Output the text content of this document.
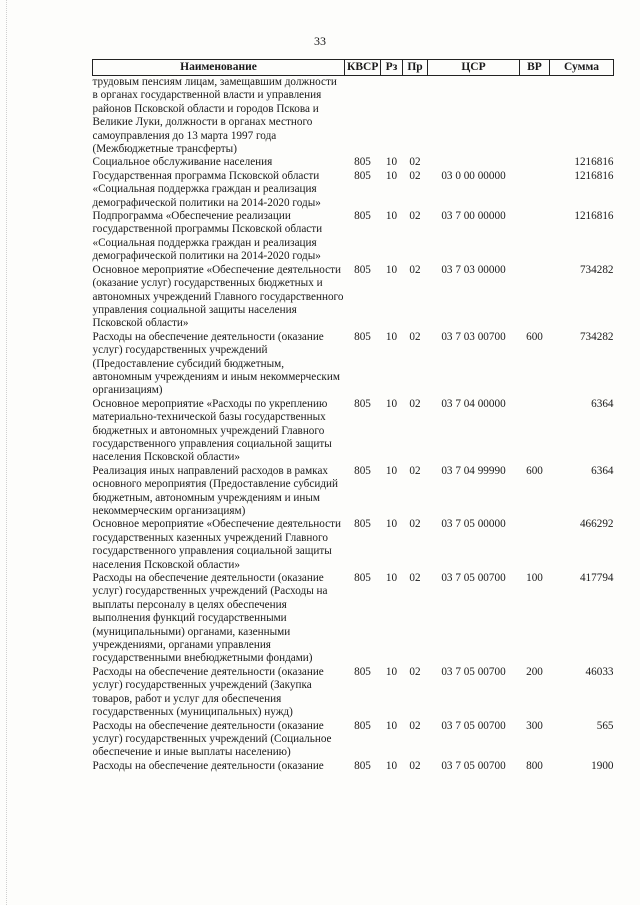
33
Наименование	КВСР	Рз	Пр	ЦСР	ВР	Сумма
трудовым пенсиям лицам, замещавшим должности в органах государственной власти и управления районов Псковской области и городов Пскова и Великие Луки, должности в органах местного самоуправления до 13 марта 1997 года (Межбюджетные трансферты)						
Социальное обслуживание населения	805	10	02			1216816
Государственная программа Псковской области «Социальная поддержка граждан и реализация демографической политики на 2014-2020 годы»	805	10	02	03 0 00 00000		1216816
Подпрограмма «Обеспечение реализации государственной программы Псковской области «Социальная поддержка граждан и реализация демографической политики на 2014-2020 годы»	805	10	02	03 7 00 00000		1216816
Основное мероприятие «Обеспечение деятельности (оказание услуг) государственных бюджетных и автономных учреждений Главного государственного управления социальной защиты населения Псковской области»	805	10	02	03 7 03 00000		734282
Расходы на обеспечение деятельности (оказание услуг) государственных учреждений (Предоставление субсидий бюджетным, автономным учреждениям и иным некоммерческим организациям)	805	10	02	03 7 03 00700	600	734282
Основное мероприятие «Расходы по укреплению материально-технической базы государственных бюджетных и автономных учреждений Главного государственного управления социальной защиты населения Псковской области»	805	10	02	03 7 04 00000		6364
Реализация иных направлений расходов в рамках основного мероприятия (Предоставление субсидий бюджетным, автономным учреждениям и иным некоммерческим организациям)	805	10	02	03 7 04 99990	600	6364
Основное мероприятие «Обеспечение деятельности государственных казенных учреждений Главного государственного управления социальной защиты населения Псковской области»	805	10	02	03 7 05 00000		466292
Расходы на обеспечение деятельности (оказание услуг) государственных учреждений (Расходы на выплаты персоналу в целях обеспечения выполнения функций государственными (муниципальными) органами, казенными учреждениями, органами управления государственными внебюджетными фондами)	805	10	02	03 7 05 00700	100	417794
Расходы на обеспечение деятельности (оказание услуг) государственных учреждений (Закупка товаров, работ и услуг для обеспечения государственных (муниципальных) нужд)	805	10	02	03 7 05 00700	200	46033
Расходы на обеспечение деятельности (оказание услуг) государственных учреждений (Социальное обеспечение и иные выплаты населению)	805	10	02	03 7 05 00700	300	565
Расходы на обеспечение деятельности (оказание	805	10	02	03 7 05 00700	800	1900
